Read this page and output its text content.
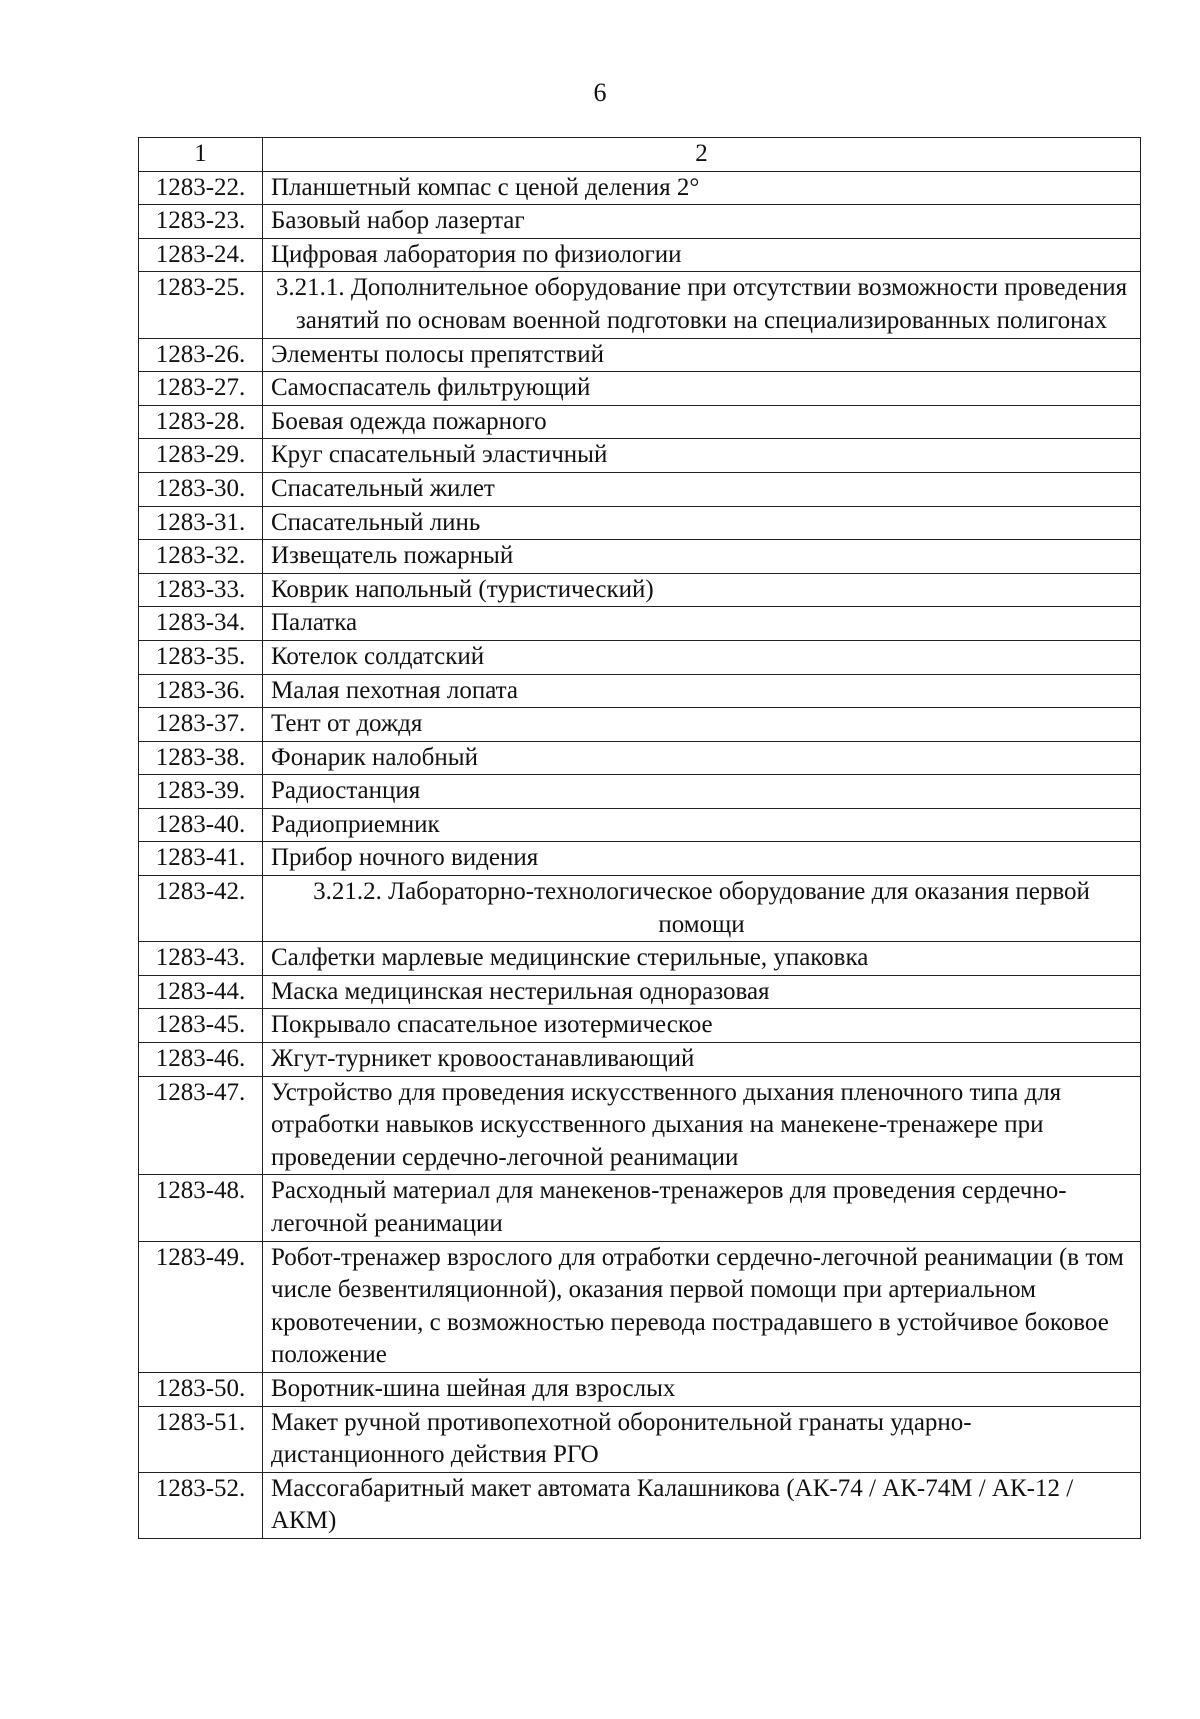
6
1	2
1283-22.	Планшетный компас с ценой деления 2°
1283-23.	Базовый набор лазертаг
1283-24.	Цифровая лаборатория по физиологии
1283-25.	3.21.1. Дополнительное оборудование при отсутствии возможности проведения занятий по основам военной подготовки на специализированных полигонах
1283-26.	Элементы полосы препятствий
1283-27.	Самоспасатель фильтрующий
1283-28.	Боевая одежда пожарного
1283-29.	Круг спасательный эластичный
1283-30.	Спасательный жилет
1283-31.	Спасательный линь
1283-32.	Извещатель пожарный
1283-33.	Коврик напольный (туристический)
1283-34.	Палатка
1283-35.	Котелок солдатский
1283-36.	Малая пехотная лопата
1283-37.	Тент от дождя
1283-38.	Фонарик налобный
1283-39.	Радиостанция
1283-40.	Радиоприемник
1283-41.	Прибор ночного видения
1283-42.	3.21.2. Лабораторно-технологическое оборудование для оказания первой помощи
1283-43.	Салфетки марлевые медицинские стерильные, упаковка
1283-44.	Маска медицинская нестерильная одноразовая
1283-45.	Покрывало спасательное изотермическое
1283-46.	Жгут-турникет кровоостанавливающий
1283-47.	Устройство для проведения искусственного дыхания пленочного типа для отработки навыков искусственного дыхания на манекене-тренажере при проведении сердечно-легочной реанимации
1283-48.	Расходный материал для манекенов-тренажеров для проведения сердечно-легочной реанимации
1283-49.	Робот-тренажер взрослого для отработки сердечно-легочной реанимации (в том числе безвентиляционной), оказания первой помощи при артериальном кровотечении, с возможностью перевода пострадавшего в устойчивое боковое положение
1283-50.	Воротник-шина шейная для взрослых
1283-51.	Макет ручной противопехотной оборонительной гранаты ударно-дистанционного действия РГО
1283-52.	Массогабаритный макет автомата Калашникова (АК-74 / АК-74М / АК-12 / АКМ)
